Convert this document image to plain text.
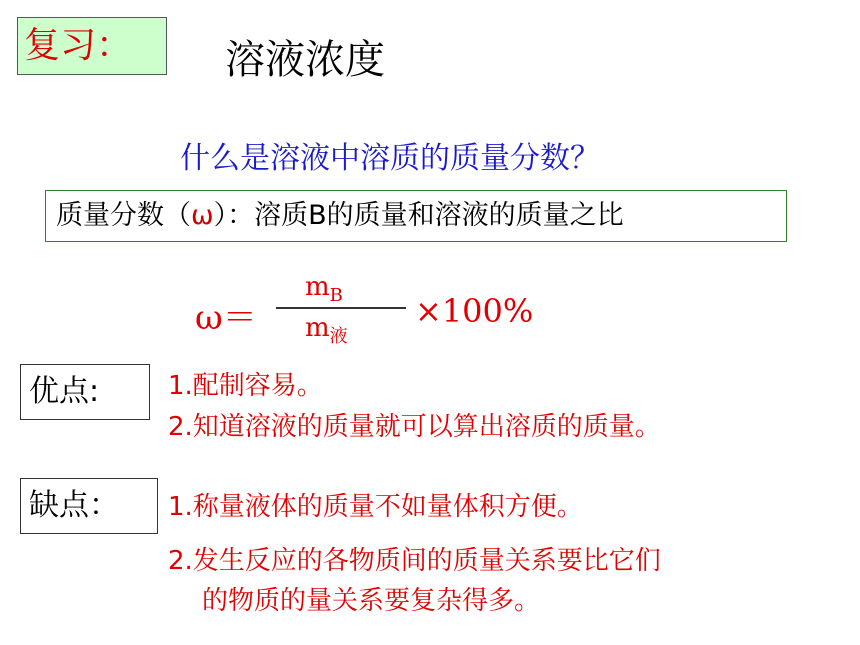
复习：	溶液浓度
什么是溶液中溶质的质量分数？
质量分数（ω）：溶质B的质量和溶液的质量之比
ω＝
$m_B$
$m_液$
×100%
优点:	1.配制容易。
2.知道溶液的质量就可以算出溶质的质量。
缺点：	1.称量液体的质量不如量体积方便。
2.发生反应的各物质间的质量关系要比它们
的物质的量关系要复杂得多。
